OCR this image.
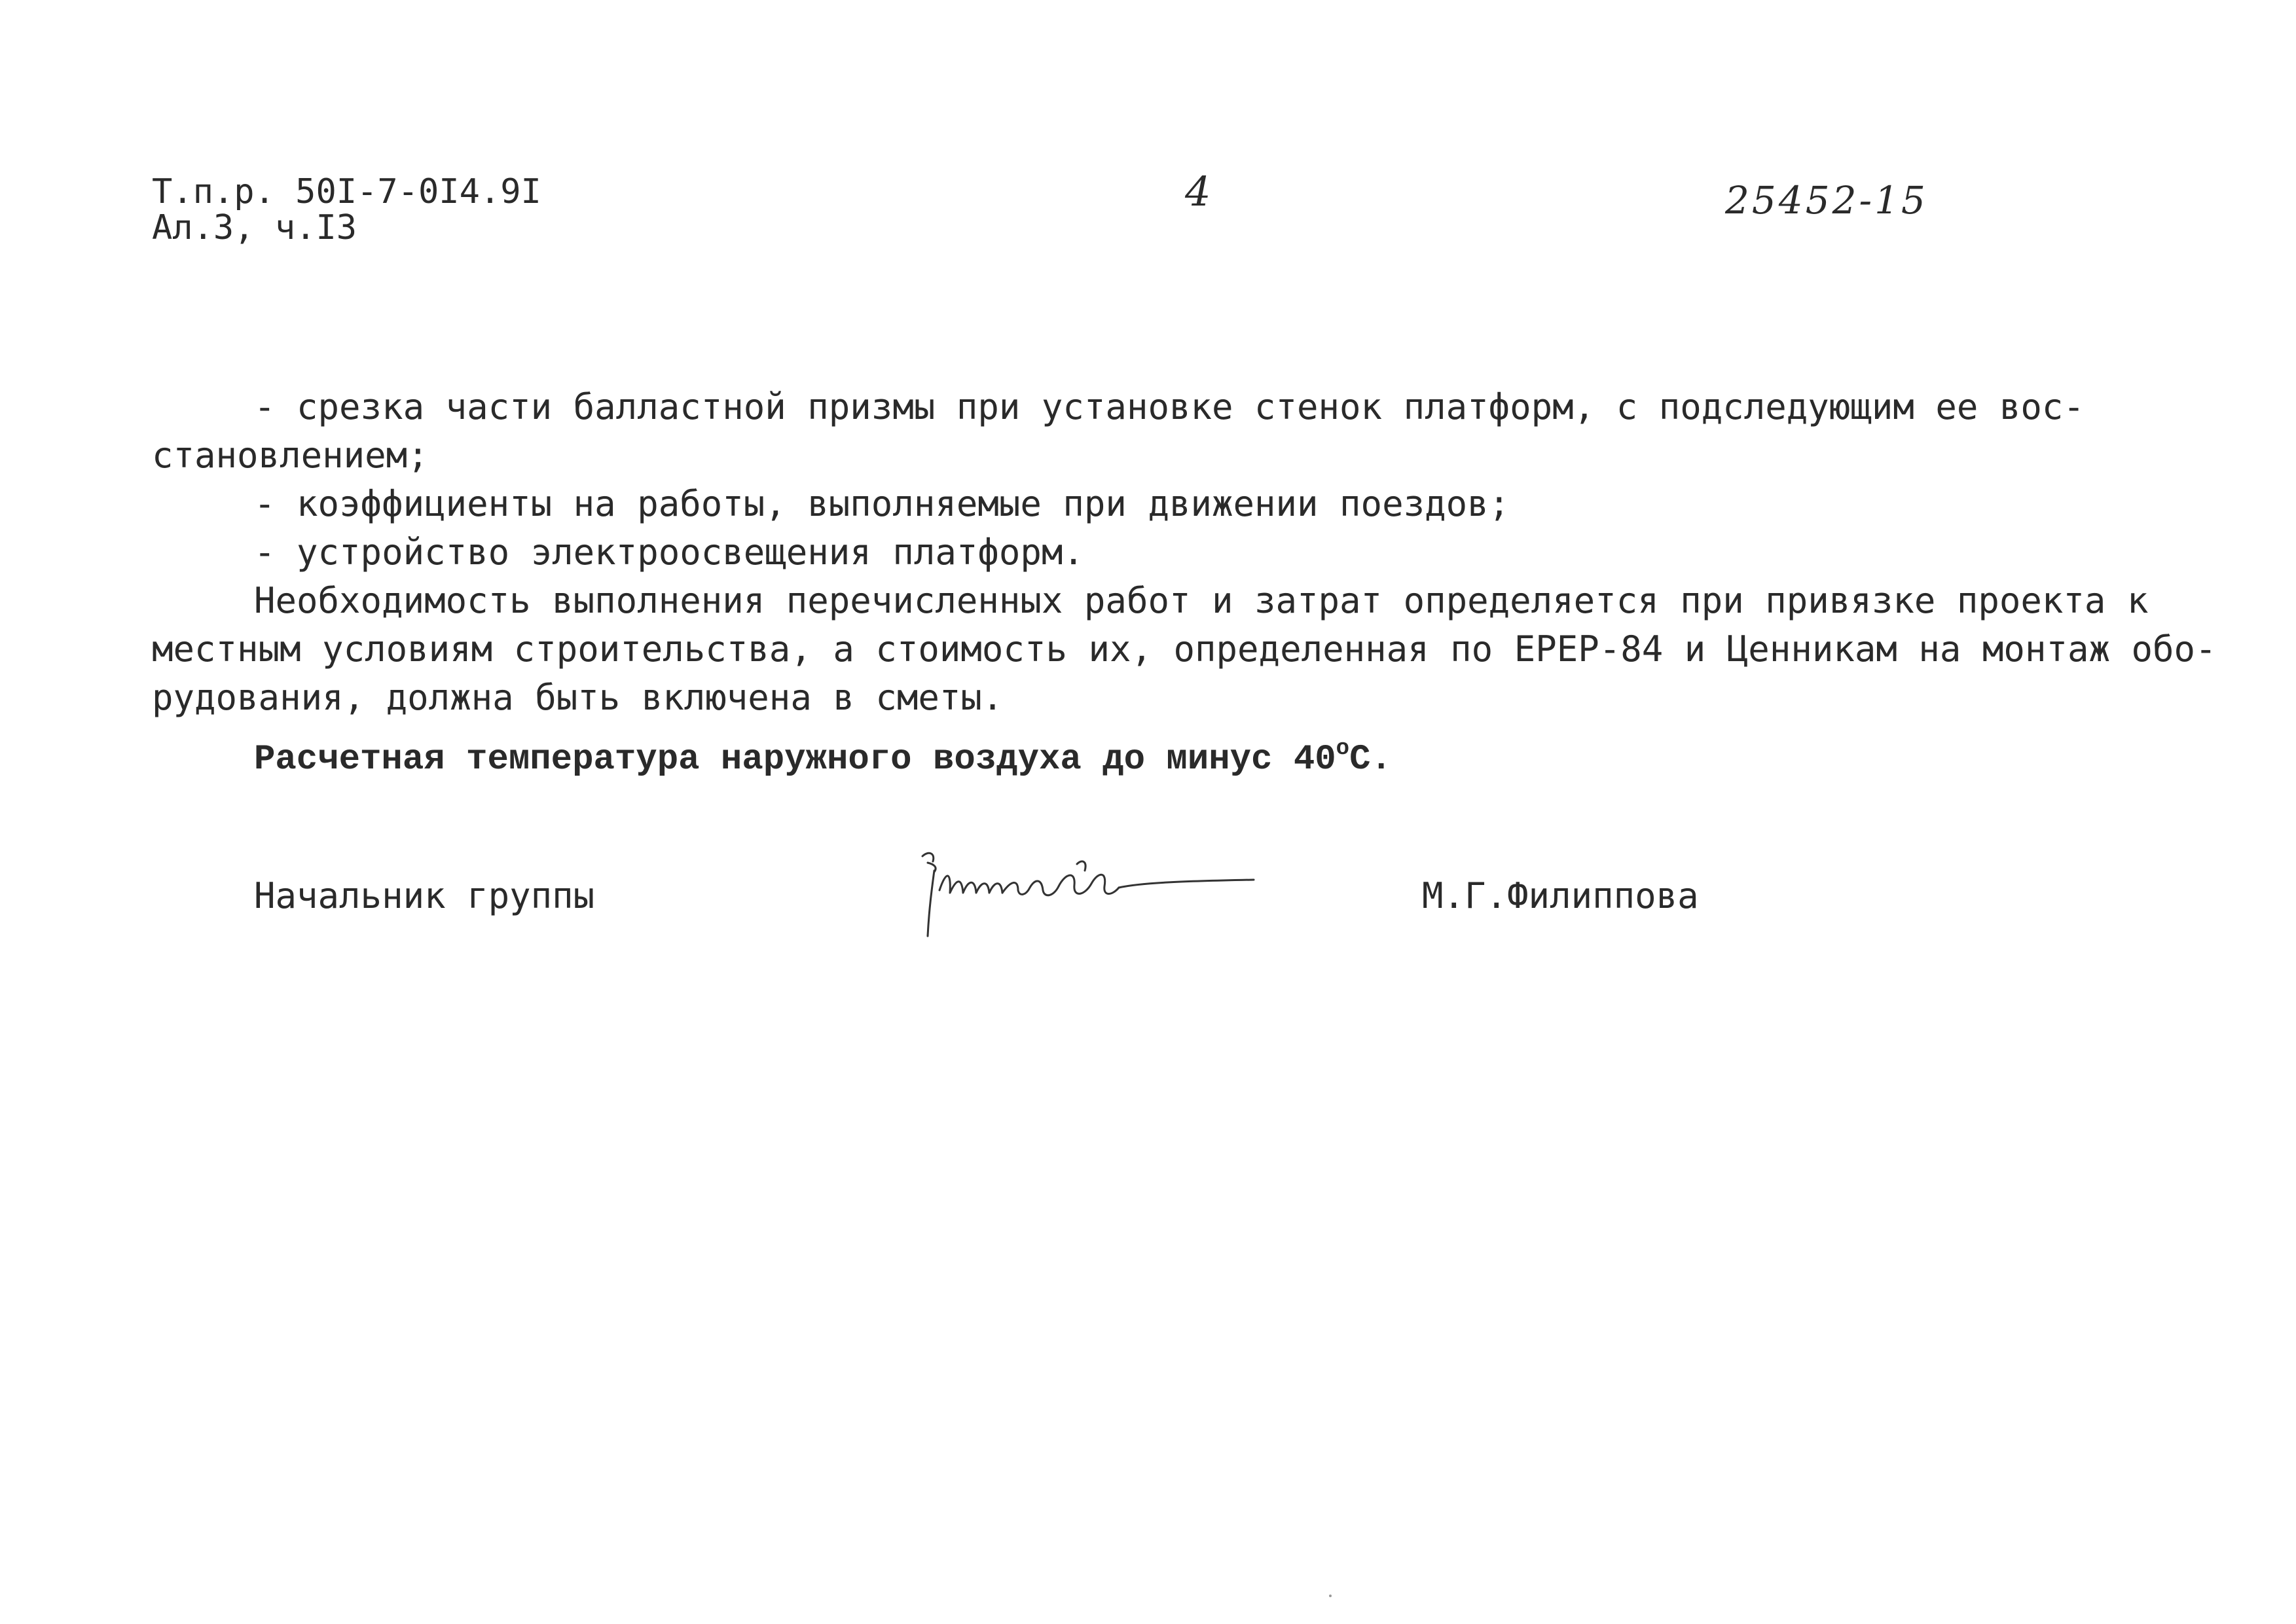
Т.п.р. 50I-7-0I4.9I
Ал.3, ч.I3
4	25452-15
- срезка части балластной призмы при установке стенок платформ, с подследующим ее вос-
становлением;
- коэффициенты на работы, выполняемые при движении поездов;
- устройство электроосвещения платформ.
Необходимость выполнения перечисленных работ и затрат определяется при привязке проекта к
местным условиям строительства, а стоимость их, определенная по ЕРЕР-84 и Ценникам на монтаж обо-
рудования, должна быть включена в сметы.
Расчетная температура наружного воздуха до минус $40^оС$.
Начальник группы	М.Г.Филиппова
